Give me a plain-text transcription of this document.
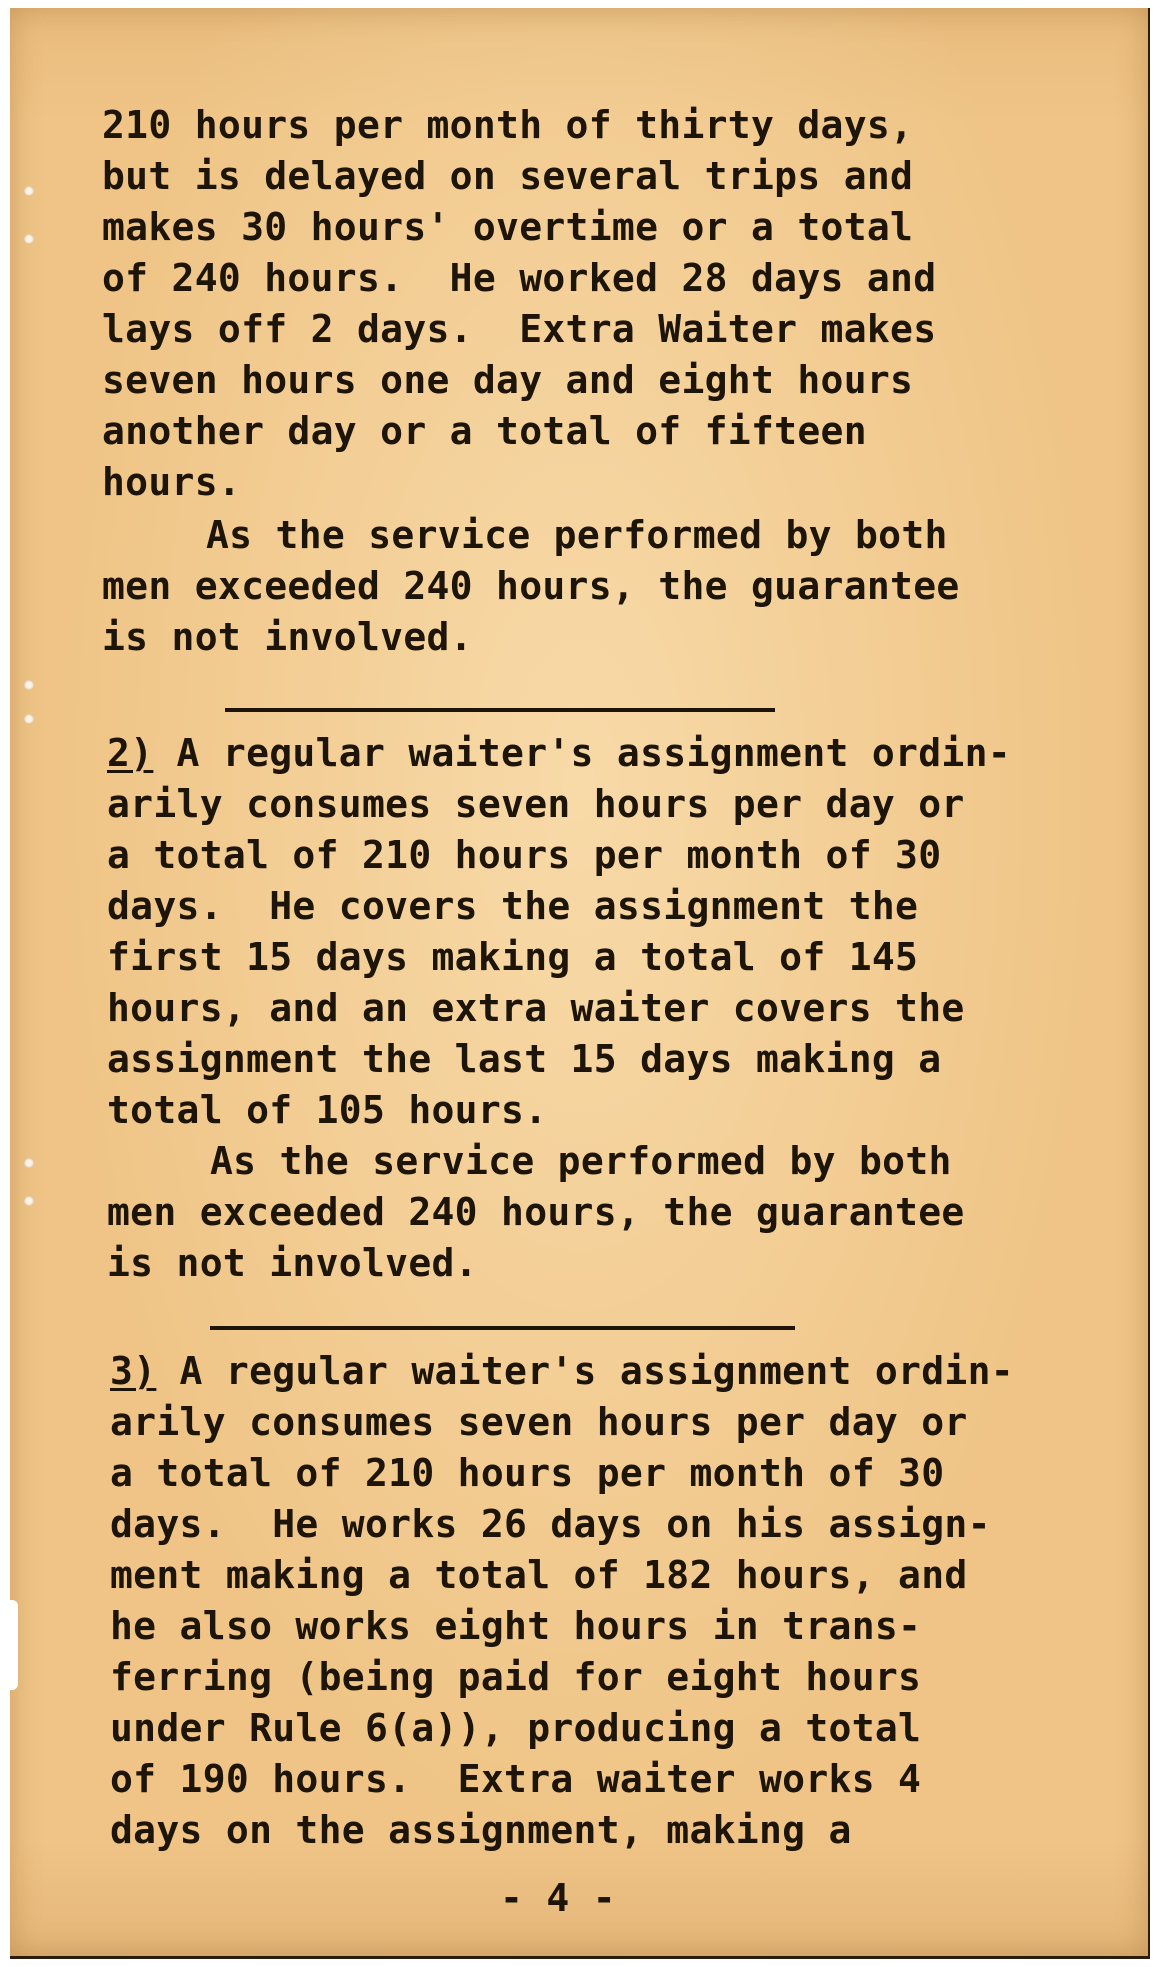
210 hours per month of thirty days,
but is delayed on several trips and
makes 30 hours' overtime or a total
of 240 hours.  He worked 28 days and
lays off 2 days.  Extra Waiter makes
seven hours one day and eight hours
another day or a total of fifteen
hours.
As the service performed by both
men exceeded 240 hours, the guarantee
is not involved.
2) A regular waiter's assignment ordin-
arily consumes seven hours per day or
a total of 210 hours per month of 30
days.  He covers the assignment the
first 15 days making a total of 145
hours, and an extra waiter covers the
assignment the last 15 days making a
total of 105 hours.
As the service performed by both
men exceeded 240 hours, the guarantee
is not involved.
3) A regular waiter's assignment ordin-
arily consumes seven hours per day or
a total of 210 hours per month of 30
days.  He works 26 days on his assign-
ment making a total of 182 hours, and
he also works eight hours in trans-
ferring (being paid for eight hours
under Rule 6(a)), producing a total
of 190 hours.  Extra waiter works 4
days on the assignment, making a
- 4 -
